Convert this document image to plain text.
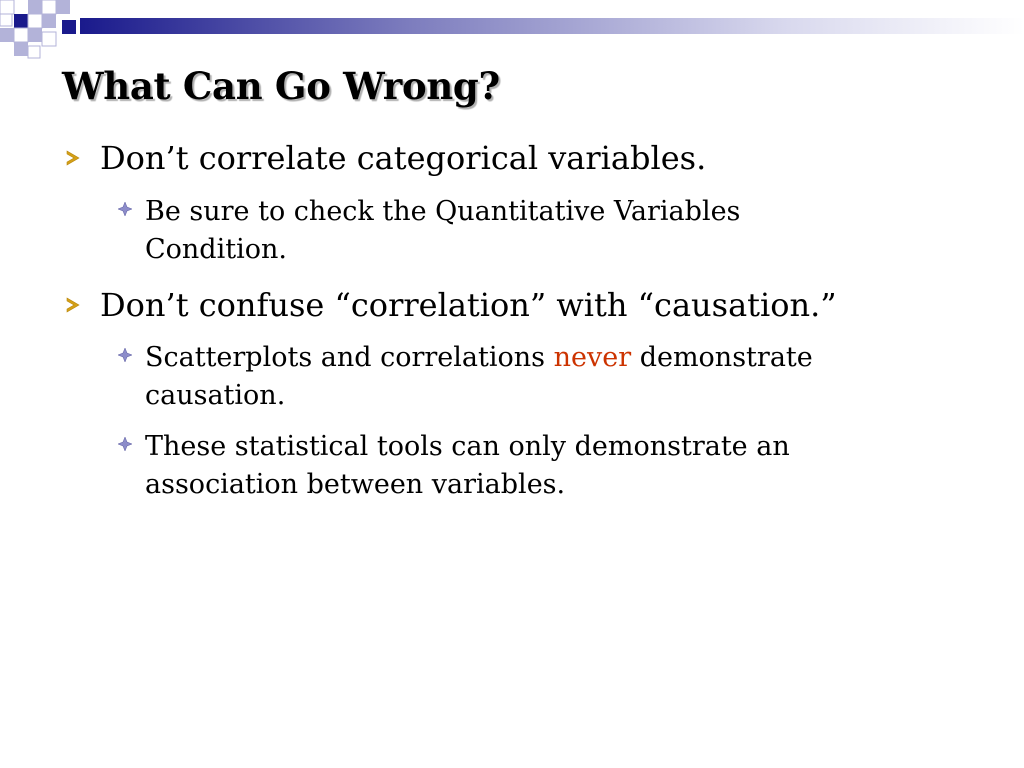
What Can Go Wrong?
Don’t correlate categorical variables.
Be sure to check the Quantitative Variables Condition.
Don’t confuse “correlation” with “causation.”
Scatterplots and correlations never demonstrate causation.
These statistical tools can only demonstrate an association between variables.
